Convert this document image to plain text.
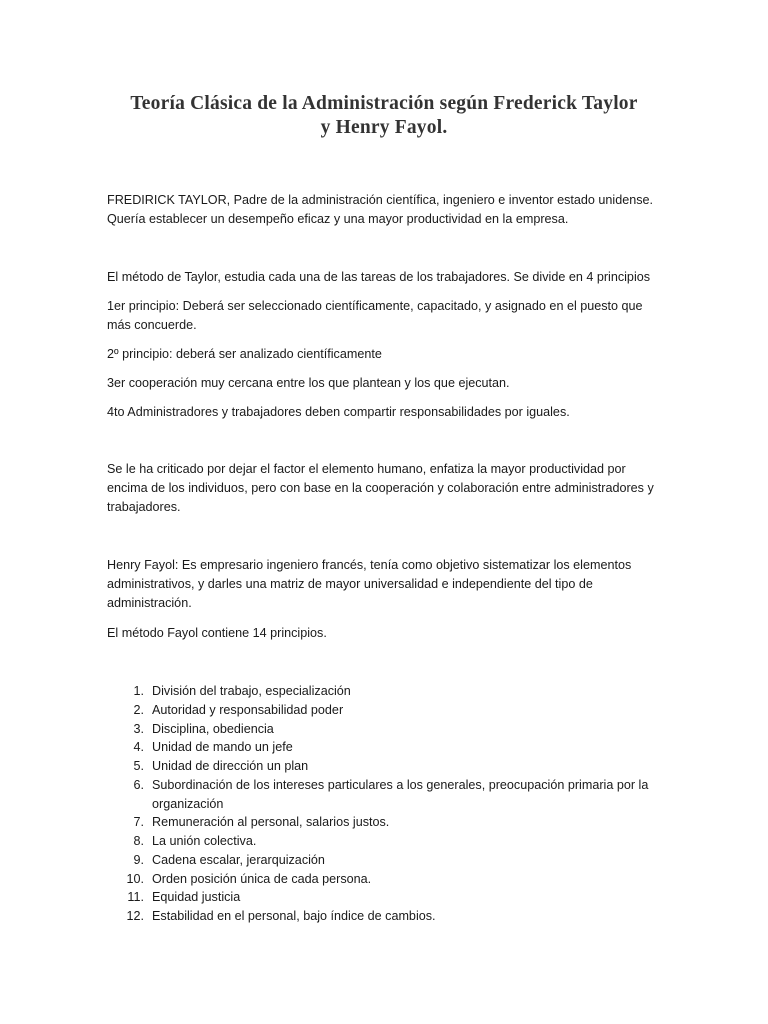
Teoría Clásica de la Administración según Frederick Taylor
y Henry Fayol.

FREDIRICK TAYLOR, Padre de la administración científica, ingeniero e inventor estado unidense.
Quería establecer un desempeño eficaz y una mayor productividad en la empresa.

El método de Taylor, estudia cada una de las tareas de los trabajadores. Se divide en 4 principios

1er principio: Deberá ser seleccionado científicamente, capacitado, y asignado en el puesto que
más concuerde.

2º principio: deberá ser analizado científicamente

3er cooperación muy cercana entre los que plantean y los que ejecutan.

4to Administradores y trabajadores deben compartir responsabilidades por iguales.

Se le ha criticado por dejar el factor el elemento humano, enfatiza la mayor productividad por
encima de los individuos, pero con base en la cooperación y colaboración entre administradores y
trabajadores.

Henry Fayol: Es empresario ingeniero francés, tenía como objetivo sistematizar los elementos
administrativos, y darles una matriz de mayor universalidad e independiente del tipo de
administración.

El método Fayol contiene 14 principios.

1. División del trabajo, especialización
2. Autoridad y responsabilidad poder
3. Disciplina, obediencia
4. Unidad de mando un jefe
5. Unidad de dirección un plan
6. Subordinación de los intereses particulares a los generales, preocupación primaria por la
organización
7. Remuneración al personal, salarios justos.
8. La unión colectiva.
9. Cadena escalar, jerarquización
10. Orden posición única de cada persona.
11. Equidad justicia
12. Estabilidad en el personal, bajo índice de cambios.
